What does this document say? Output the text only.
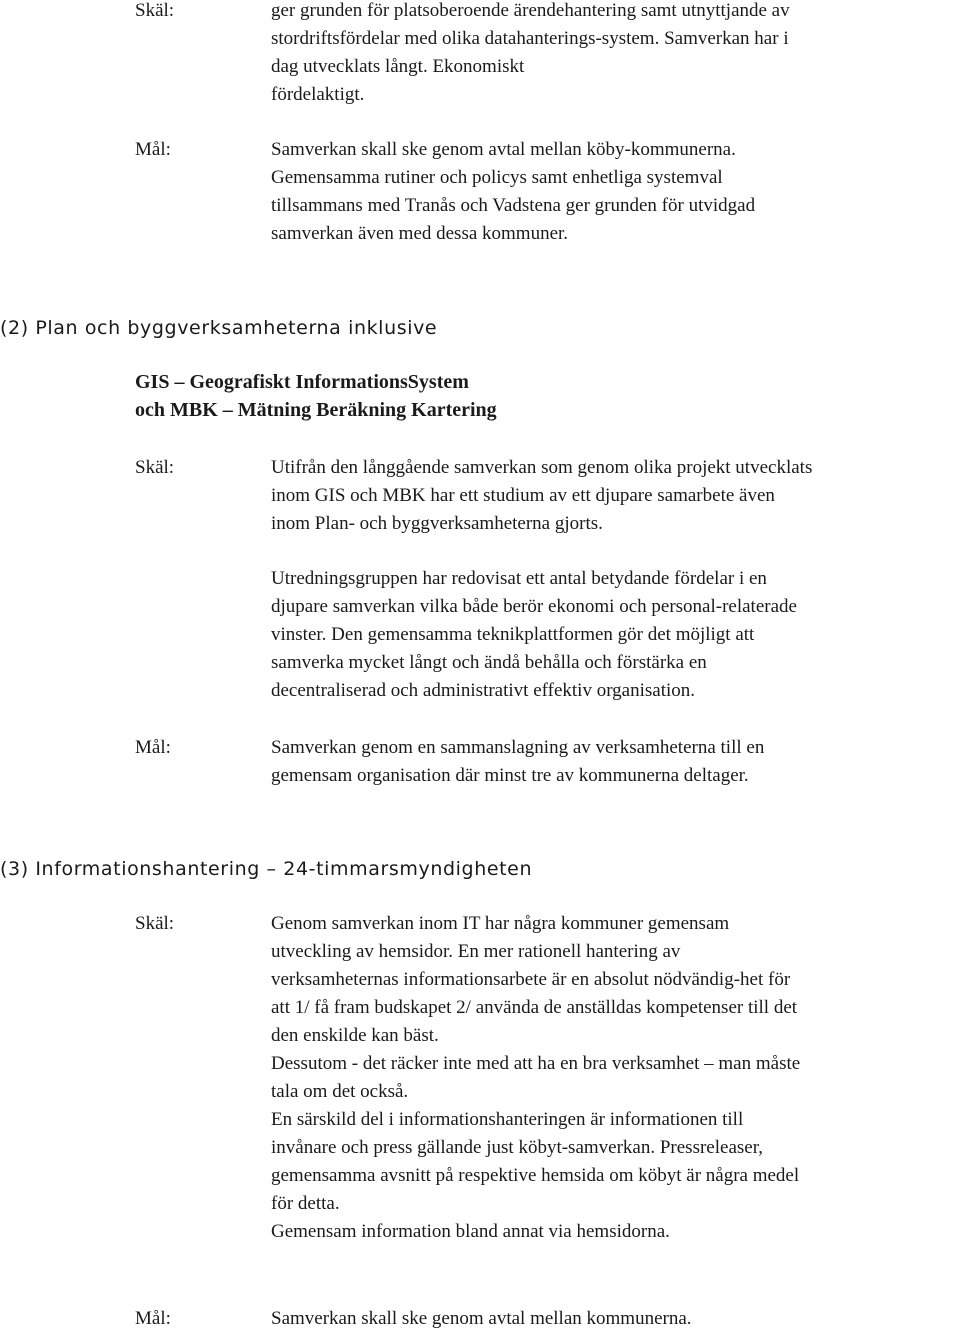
Skäl:	ger grunden för platsoberoende ärendehantering samt utnyttjande av
stordriftsfördelar med olika datahanterings-system. Samverkan har i
dag utvecklats långt. Ekonomiskt
fördelaktigt.
Mål:	Samverkan skall ske genom avtal mellan köby-kommunerna.
Gemensamma rutiner och policys samt enhetliga systemval
tillsammans med Tranås och Vadstena ger grunden för utvidgad
samverkan även med dessa kommuner.
(2) Plan och byggverksamheterna inklusive
GIS – Geografiskt InformationsSystem
och MBK – Mätning Beräkning Kartering
Skäl:	Utifrån den långgående samverkan som genom olika projekt utvecklats
inom GIS och MBK har ett studium av ett djupare samarbete även
inom Plan- och byggverksamheterna gjorts.
Utredningsgruppen har redovisat ett antal betydande fördelar i en
djupare samverkan vilka både berör ekonomi och personal-relaterade
vinster. Den gemensamma teknikplattformen gör det möjligt att
samverka mycket långt och ändå behålla och förstärka en
decentraliserad och administrativt effektiv organisation.
Mål:	Samverkan genom en sammanslagning av verksamheterna till en
gemensam organisation där minst tre av kommunerna deltager.
(3) Informationshantering – 24-timmarsmyndigheten
Skäl:	Genom samverkan inom IT har några kommuner gemensam
utveckling av hemsidor. En mer rationell hantering av
verksamheternas informationsarbete är en absolut nödvändig-het för
att 1/ få fram budskapet 2/ använda de anställdas kompetenser till det
den enskilde kan bäst.
Dessutom - det räcker inte med att ha en bra verksamhet – man måste
tala om det också.
En särskild del i informationshanteringen är informationen till
invånare och press gällande just köbyt-samverkan. Pressreleaser,
gemensamma avsnitt på respektive hemsida om köbyt är några medel
för detta.
Gemensam information bland annat via hemsidorna.
Mål:	Samverkan skall ske genom avtal mellan kommunerna.
